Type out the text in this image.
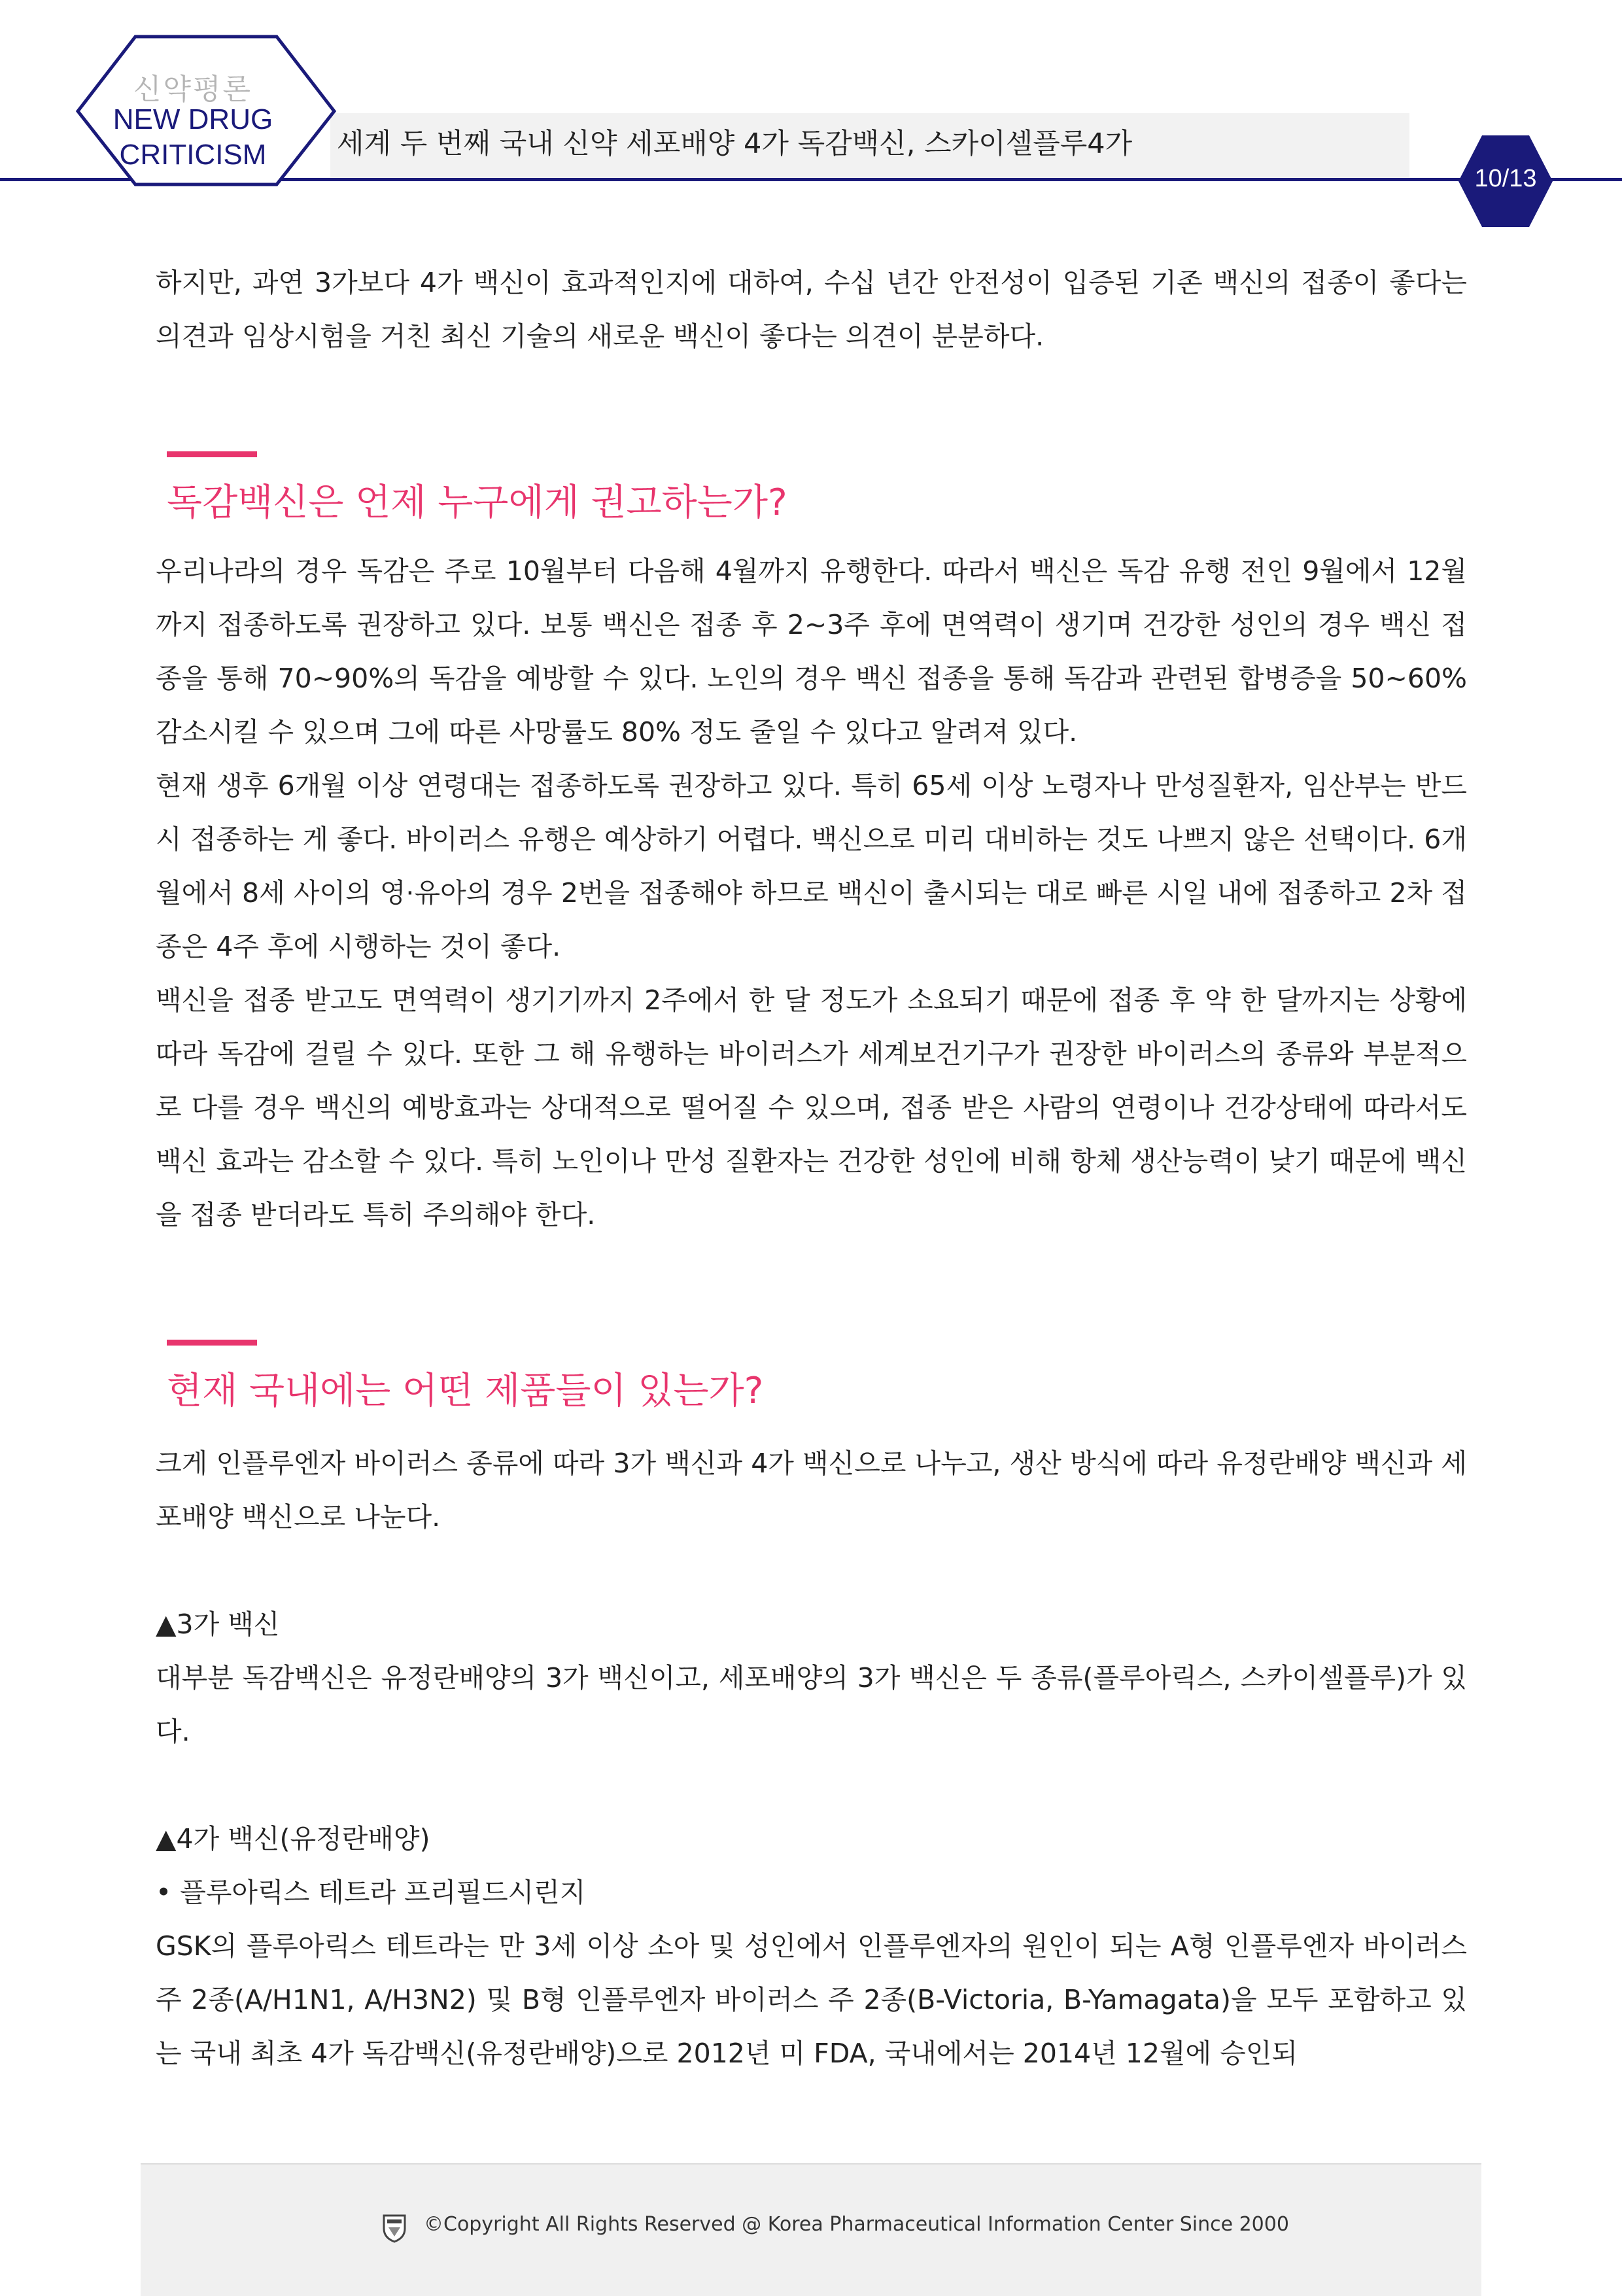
신약평론
NEW DRUG
CRITICISM	세계 두 번째 국내 신약 세포배양 4가 독감백신, 스카이셀플루4가
10/13

하지만, 과연 3가보다 4가 백신이 효과적인지에 대하여, 수십 년간 안전성이 입증된 기존 백신의 접종이 좋다는 의견과 임상시험을 거친 최신 기술의 새로운 백신이 좋다는 의견이 분분하다.

독감백신은 언제 누구에게 권고하는가?

우리나라의 경우 독감은 주로 10월부터 다음해 4월까지 유행한다. 따라서 백신은 독감 유행 전인 9월에서 12월까지 접종하도록 권장하고 있다. 보통 백신은 접종 후 2~3주 후에 면역력이 생기며 건강한 성인의 경우 백신 접종을 통해 70~90%의 독감을 예방할 수 있다. 노인의 경우 백신 접종을 통해 독감과 관련된 합병증을 50~60% 감소시킬 수 있으며 그에 따른 사망률도 80% 정도 줄일 수 있다고 알려져 있다.

현재 생후 6개월 이상 연령대는 접종하도록 권장하고 있다. 특히 65세 이상 노령자나 만성질환자, 임산부는 반드시 접종하는 게 좋다. 바이러스 유행은 예상하기 어렵다. 백신으로 미리 대비하는 것도 나쁘지 않은 선택이다. 6개월에서 8세 사이의 영·유아의 경우 2번을 접종해야 하므로 백신이 출시되는 대로 빠른 시일 내에 접종하고 2차 접종은 4주 후에 시행하는 것이 좋다.

백신을 접종 받고도 면역력이 생기기까지 2주에서 한 달 정도가 소요되기 때문에 접종 후 약 한 달까지는 상황에 따라 독감에 걸릴 수 있다. 또한 그 해 유행하는 바이러스가 세계보건기구가 권장한 바이러스의 종류와 부분적으로 다를 경우 백신의 예방효과는 상대적으로 떨어질 수 있으며, 접종 받은 사람의 연령이나 건강상태에 따라서도 백신 효과는 감소할 수 있다. 특히 노인이나 만성 질환자는 건강한 성인에 비해 항체 생산능력이 낮기 때문에 백신을 접종 받더라도 특히 주의해야 한다.

현재 국내에는 어떤 제품들이 있는가?

크게 인플루엔자 바이러스 종류에 따라 3가 백신과 4가 백신으로 나누고, 생산 방식에 따라 유정란배양 백신과 세포배양 백신으로 나눈다.

▲3가 백신

대부분 독감백신은 유정란배양의 3가 백신이고, 세포배양의 3가 백신은 두 종류(플루아릭스, 스카이셀플루)가 있다.

▲4가 백신(유정란배양)

• 플루아릭스 테트라 프리필드시린지

GSK의 플루아릭스 테트라는 만 3세 이상 소아 및 성인에서 인플루엔자의 원인이 되는 A형 인플루엔자 바이러스 주 2종(A/H1N1, A/H3N2) 및 B형 인플루엔자 바이러스 주 2종(B-Victoria, B-Yamagata)을 모두 포함하고 있는 국내 최초 4가 독감백신(유정란배양)으로 2012년 미 FDA, 국내에서는 2014년 12월에 승인되

©Copyright All Rights Reserved @ Korea Pharmaceutical Information Center Since 2000
